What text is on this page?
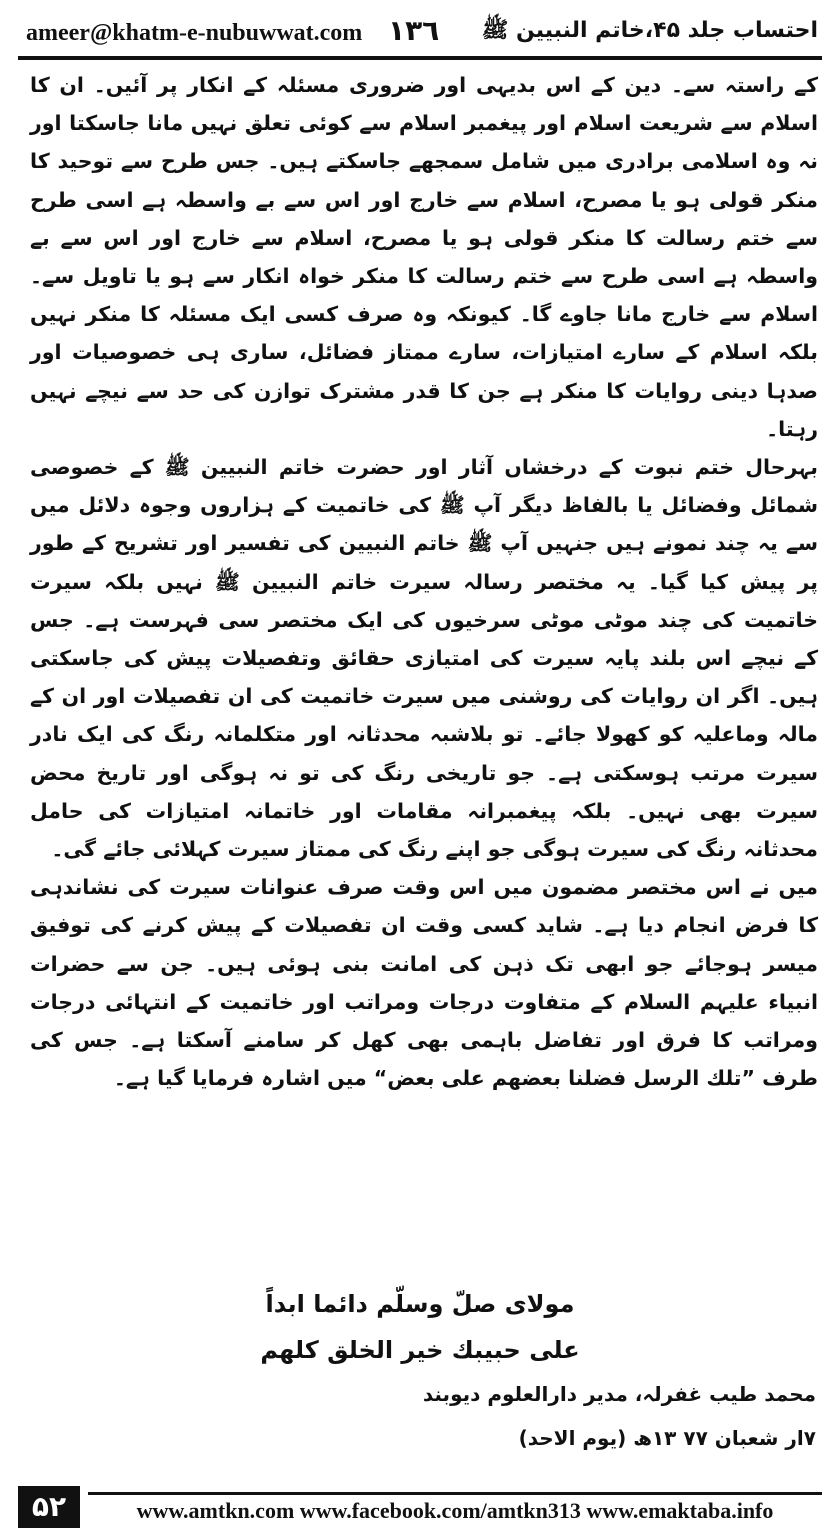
ameer@khatm-e-nubuwwat.com ١٣٦ احتساب جلد ۴۵،خاتم النبیین ﷺ

کے راستہ سے۔ دین کے اس بدیہی اور ضروری مسئلہ کے انکار پر آئیں۔ ان کا اسلام سے شریعت اسلام اور پیغمبر اسلام سے کوئی تعلق نہیں مانا جاسکتا اور نہ وہ اسلامی برادری میں شامل سمجھے جاسکتے ہیں۔ جس طرح سے توحید کا منکر قولی ہو یا مصرح، اسلام سے خارج اور اس سے بے واسطہ ہے اسی طرح سے ختم رسالت کا منکر قولی ہو یا مصرح، اسلام سے خارج اور اس سے بے واسطہ ہے اسی طرح سے ختم رسالت کا منکر خواہ انکار سے ہو یا تاویل سے۔ اسلام سے خارج مانا جاوے گا۔ کیونکہ وہ صرف کسی ایک مسئلہ کا منکر نہیں بلکہ اسلام کے سارے امتیازات، سارے ممتاز فضائل، ساری ہی خصوصیات اور صدہا دینی روایات کا منکر ہے جن کا قدر مشترک توازن کی حد سے نیچے نہیں رہتا۔

بہرحال ختم نبوت کے درخشاں آثار اور حضرت خاتم النبیین ﷺ کے خصوصی شمائل وفضائل یا بالفاظ دیگر آپ ﷺ کی خاتمیت کے ہزاروں وجوہ دلائل میں سے یہ چند نمونے ہیں جنہیں آپ ﷺ خاتم النبیین کی تفسیر اور تشریح کے طور پر پیش کیا گیا۔ یہ مختصر رسالہ سیرت خاتم النبیین ﷺ نہیں بلکہ سیرت خاتمیت کی چند موٹی موٹی سرخیوں کی ایک مختصر سی فہرست ہے۔ جس کے نیچے اس بلند پایہ سیرت کی امتیازی حقائق وتفصیلات پیش کی جاسکتی ہیں۔ اگر ان روایات کی روشنی میں سیرت خاتمیت کی ان تفصیلات اور ان کے مالہ وماعلیہ کو کھولا جائے۔ تو بلاشبہ محدثانہ اور متکلمانہ رنگ کی ایک نادر سیرت مرتب ہوسکتی ہے۔ جو تاریخی رنگ کی تو نہ ہوگی اور تاریخ محض سیرت بھی نہیں۔ بلکہ پیغمبرانہ مقامات اور خاتمانہ امتیازات کی حامل محدثانہ رنگ کی سیرت ہوگی جو اپنے رنگ کی ممتاز سیرت کہلائی جائے گی۔

میں نے اس مختصر مضمون میں اس وقت صرف عنوانات سیرت کی نشاندہی کا فرض انجام دیا ہے۔ شاید کسی وقت ان تفصیلات کے پیش کرنے کی توفیق میسر ہوجائے جو ابھی تک ذہن کی امانت بنی ہوئی ہیں۔ جن سے حضرات انبیاء علیہم السلام کے متفاوت درجات ومراتب اور خاتمیت کے انتہائی درجات ومراتب کا فرق اور تفاضل باہمی بھی کھل کر سامنے آسکتا ہے۔ جس کی طرف ”تلك الرسل فضلنا بعضهم على بعض“ میں اشارہ فرمایا گیا ہے۔

مولای صلّ وسلّم دائما ابداً
علی حبيبك خير الخلق كلهم
محمد طیب غفرلہ، مدیر دارالعلوم دیوبند
۷ار شعبان ۷۷ ۱۳ھ (یوم الاحد)
۵۲	www.amtkn.com www.facebook.com/amtkn313 www.emaktaba.info
